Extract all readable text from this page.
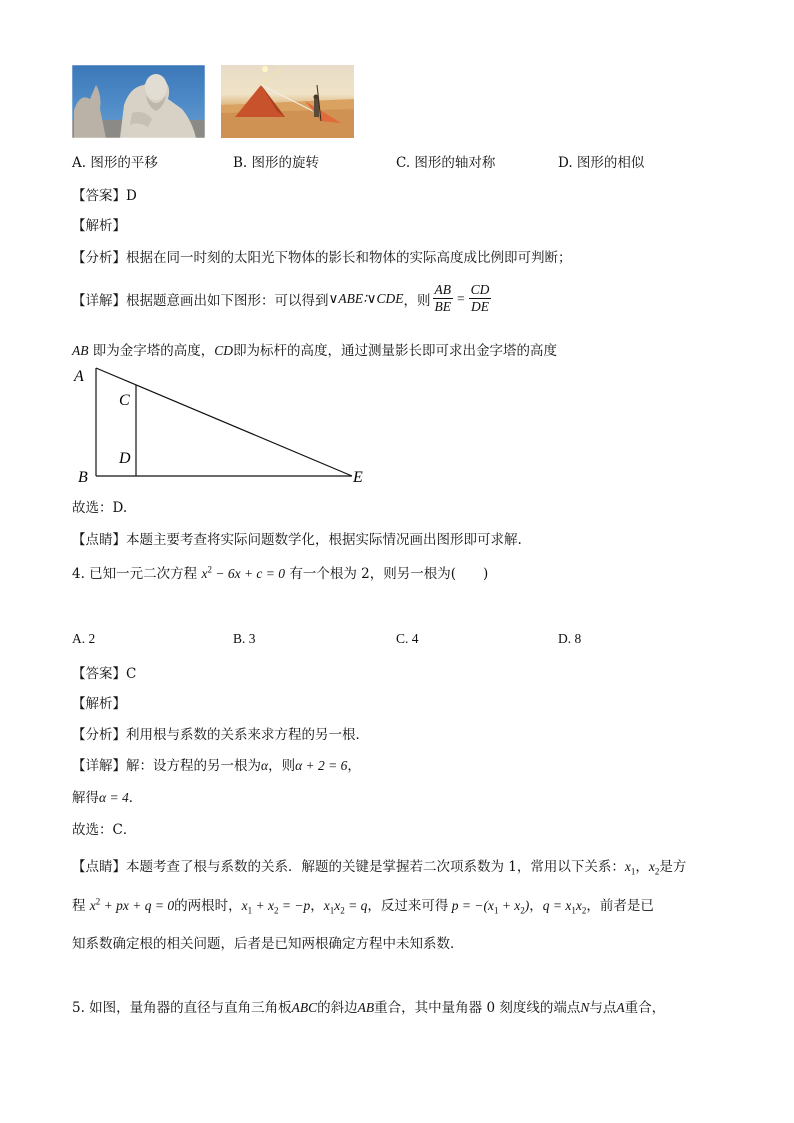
A. 图形的平移	B. 图形的旋转	C. 图形的轴对称	D. 图形的相似
【答案】D
【解析】
【分析】根据在同一时刻的太阳光下物体的影长和物体的实际高度成比例即可判断；
【详解】根据题意画出如下图形：可以得到 ∨ABE∶∨CDE ，则 $\frac{AB}{BE} = \frac{CD}{DE}$
AB 即为金字塔的高度，CD即为标杆的高度，通过测量影长即可求出金字塔的高度
A
C
D
B	E
故选：D.
【点睛】本题主要考查将实际问题数学化，根据实际情况画出图形即可求解.
4. 已知一元二次方程 $x^2 - 6x + c = 0$ 有一个根为 2，则另一根为(　　)
A. 2	B. 3	C. 4	D. 8
【答案】C
【解析】
【分析】利用根与系数的关系来求方程的另一根．
【详解】解：设方程的另一根为α，则α + 2 = 6，
解得α = 4．
故选：C．
【点睛】本题考查了根与系数的关系．解题的关键是掌握若二次项系数为 1，常用以下关系：$x_1$，$x_2$是方
程 $x^2$ + px + q = 0的两根时，$x_1 + x_2 = -p$，$x_1x_2 = q$，反过来可得 $p = -(x_1 + x_2)$，$q = x_1x_2$，前者是已
知系数确定根的相关问题，后者是已知两根确定方程中未知系数．
5. 如图，量角器的直径与直角三角板ABC的斜边AB重合，其中量角器 0 刻度线的端点N与点A重合，
